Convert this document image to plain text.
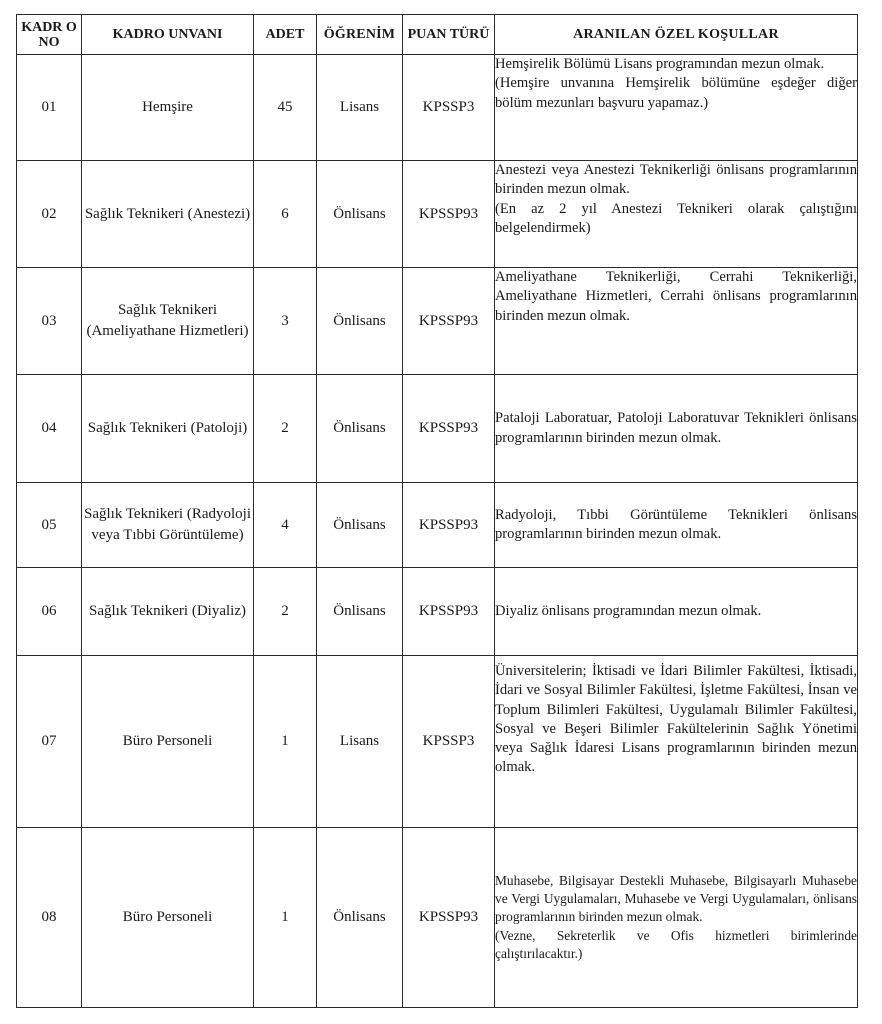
KADR O NO	KADRO UNVANI	ADET	ÖĞRENİM	PUAN TÜRÜ	ARANILAN ÖZEL KOŞULLAR
01	Hemşire	45	Lisans	KPSSP3	Hemşirelik Bölümü Lisans programından mezun olmak.
(Hemşire unvanına Hemşirelik bölümüne eşdeğer diğer bölüm mezunları başvuru yapamaz.)

02	Sağlık Teknikeri (Anestezi)	6	Önlisans	KPSSP93	Anestezi veya Anestezi Teknikerliği önlisans programlarının birinden mezun olmak.
(En az 2 yıl Anestezi Teknikeri olarak çalıştığını belgelendirmek)

03	Sağlık Teknikeri (Ameliyathane Hizmetleri)	3	Önlisans	KPSSP93	Ameliyathane Teknikerliği, Cerrahi Teknikerliği, Ameliyathane Hizmetleri, Cerrahi önlisans programlarının birinden mezun olmak.

04	Sağlık Teknikeri (Patoloji)	2	Önlisans	KPSSP93	Pataloji Laboratuar, Patoloji Laboratuvar Teknikleri önlisans programlarının birinden mezun olmak.

05	Sağlık Teknikeri (Radyoloji veya Tıbbi Görüntüleme)	4	Önlisans	KPSSP93	Radyoloji, Tıbbi Görüntüleme Teknikleri önlisans programlarının birinden mezun olmak.

06	Sağlık Teknikeri (Diyaliz)	2	Önlisans	KPSSP93	Diyaliz önlisans programından mezun olmak.

07	Büro Personeli	1	Lisans	KPSSP3	Üniversitelerin; İktisadi ve İdari Bilimler Fakültesi, İktisadi, İdari ve Sosyal Bilimler Fakültesi, İşletme Fakültesi, İnsan ve Toplum Bilimleri Fakültesi, Uygulamalı Bilimler Fakültesi, Sosyal ve Beşeri Bilimler Fakültelerinin Sağlık Yönetimi veya Sağlık İdaresi Lisans programlarının birinden mezun olmak.

08	Büro Personeli	1	Önlisans	KPSSP93	Muhasebe, Bilgisayar Destekli Muhasebe, Bilgisayarlı Muhasebe ve Vergi Uygulamaları, Muhasebe ve Vergi Uygulamaları, önlisans programlarının birinden mezun olmak.
(Vezne, Sekreterlik ve Ofis hizmetleri birimlerinde çalıştırılacaktır.)
